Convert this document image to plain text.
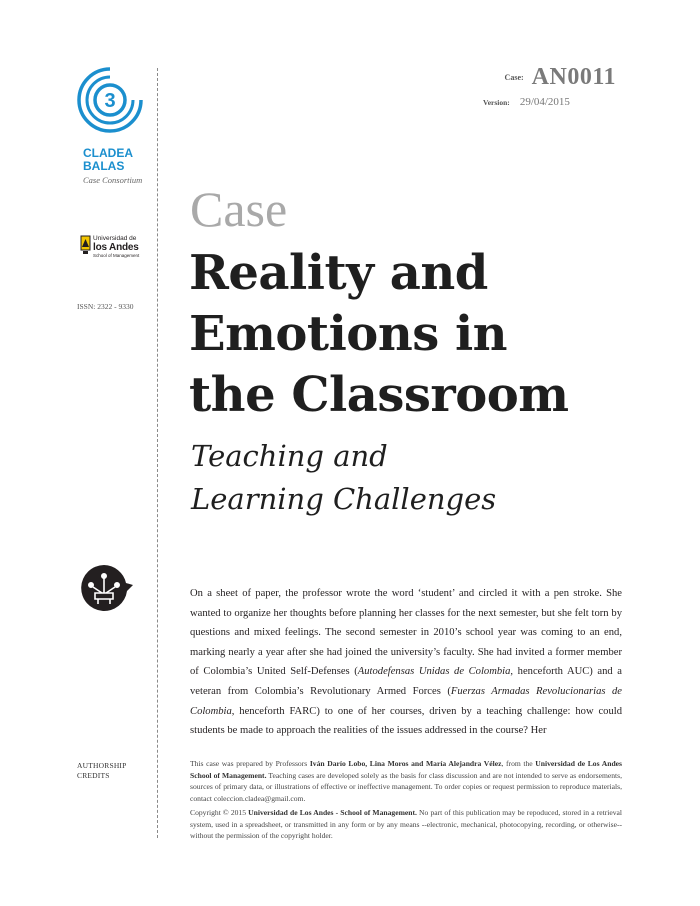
3
CLADEA
BALAS
Case Consortium
Universidad de
los Andes
School of Management
ISSN: 2322 - 9330
AUTHORSHIP
CREDITS
Case: AN0011
Version: 29/04/2015
Case
Reality and
Emotions in
the Classroom
Teaching and
Learning Challenges
On a sheet of paper, the professor wrote the word ‘student’ and circled it with a pen stroke. She wanted to organize her thoughts before planning her classes for the next semester, but she felt torn by questions and mixed feelings. The second semester in 2010’s school year was coming to an end, marking nearly a year after she had joined the university’s faculty. She had invited a former member of Colombia’s United Self-Defenses (Autodefensas Unidas de Colombia, henceforth AUC) and a veteran from Colombia’s Revolutionary Armed Forces (Fuerzas Armadas Revolucionarias de Colombia, henceforth FARC) to one of her courses, driven by a teaching challenge: how could students be made to approach the realities of the issues addressed in the course? Her
This case was prepared by Professors Iván Darío Lobo, Lina Moros and María Alejandra Vélez, from the Universidad de Los Andes School of Management. Teaching cases are developed solely as the basis for class discussion and are not intended to serve as endorsements, sources of primary data, or illustrations of effective or ineffective management. To order copies or request permission to reproduce materials, contact coleccion.cladea@gmail.com.
Copyright © 2015 Universidad de Los Andes - School of Management. No part of this publication may be repoduced, stored in a retrieval system, used in a spreadsheet, or transmitted in any form or by any means --electronic, mechanical, photocopying, recording, or otherwise-- without the permission of the copyright holder.
